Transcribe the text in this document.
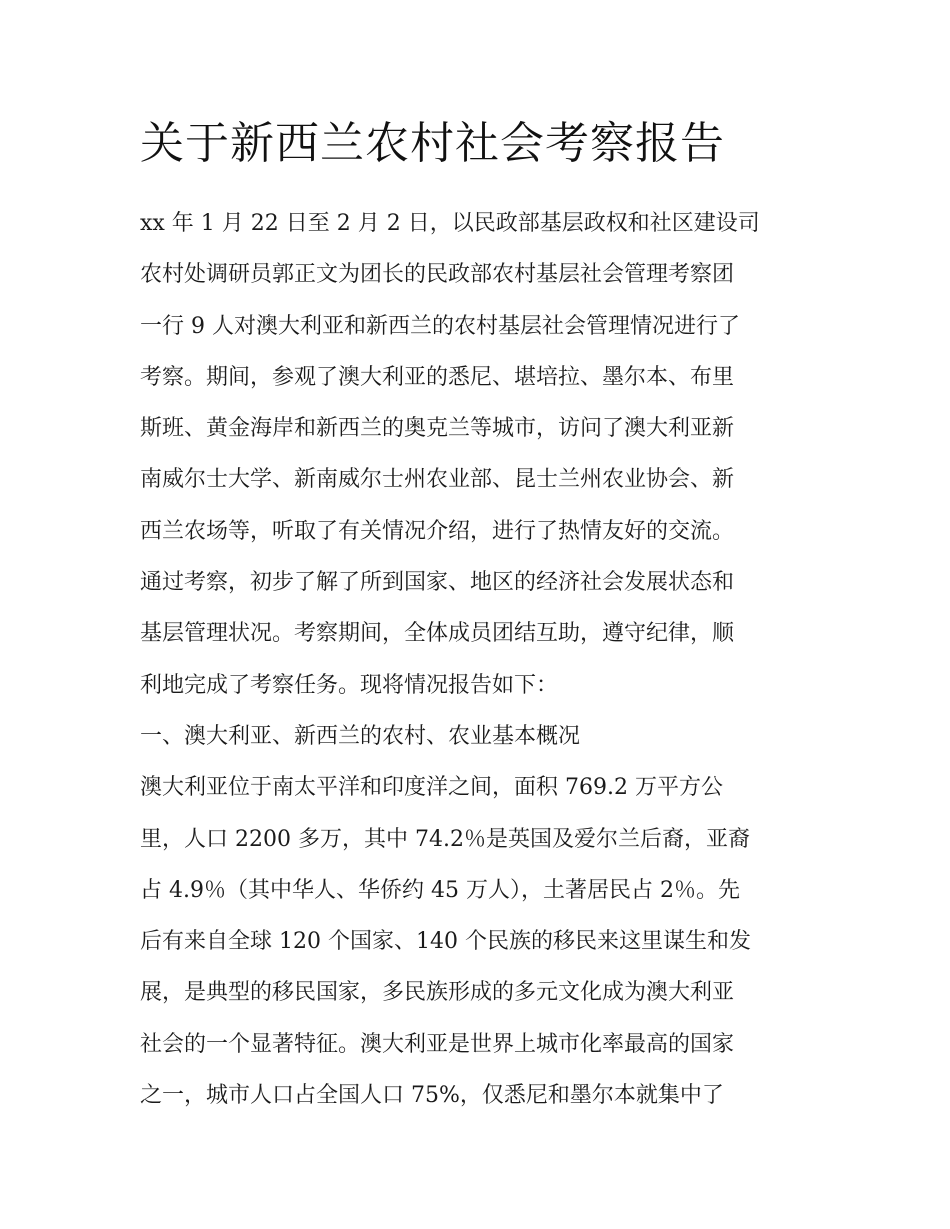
关于新西兰农村社会考察报告
xx 年 1 月 22 日至 2 月 2 日，以民政部基层政权和社区建设司
农村处调研员郭正文为团长的民政部农村基层社会管理考察团
一行 9 人对澳大利亚和新西兰的农村基层社会管理情况进行了
考察。期间，参观了澳大利亚的悉尼、堪培拉、墨尔本、布里
斯班、黄金海岸和新西兰的奥克兰等城市，访问了澳大利亚新
南威尔士大学、新南威尔士州农业部、昆士兰州农业协会、新
西兰农场等，听取了有关情况介绍，进行了热情友好的交流。
通过考察，初步了解了所到国家、地区的经济社会发展状态和
基层管理状况。考察期间，全体成员团结互助，遵守纪律，顺
利地完成了考察任务。现将情况报告如下：
一、澳大利亚、新西兰的农村、农业基本概况
澳大利亚位于南太平洋和印度洋之间，面积 769.2 万平方公
里，人口 2200 多万，其中 74.2％是英国及爱尔兰后裔，亚裔
占 4.9％（其中华人、华侨约 45 万人），土著居民占 2％。先
后有来自全球 120 个国家、140 个民族的移民来这里谋生和发
展，是典型的移民国家，多民族形成的多元文化成为澳大利亚
社会的一个显著特征。澳大利亚是世界上城市化率最高的国家
之一，城市人口占全国人口 75%，仅悉尼和墨尔本就集中了
